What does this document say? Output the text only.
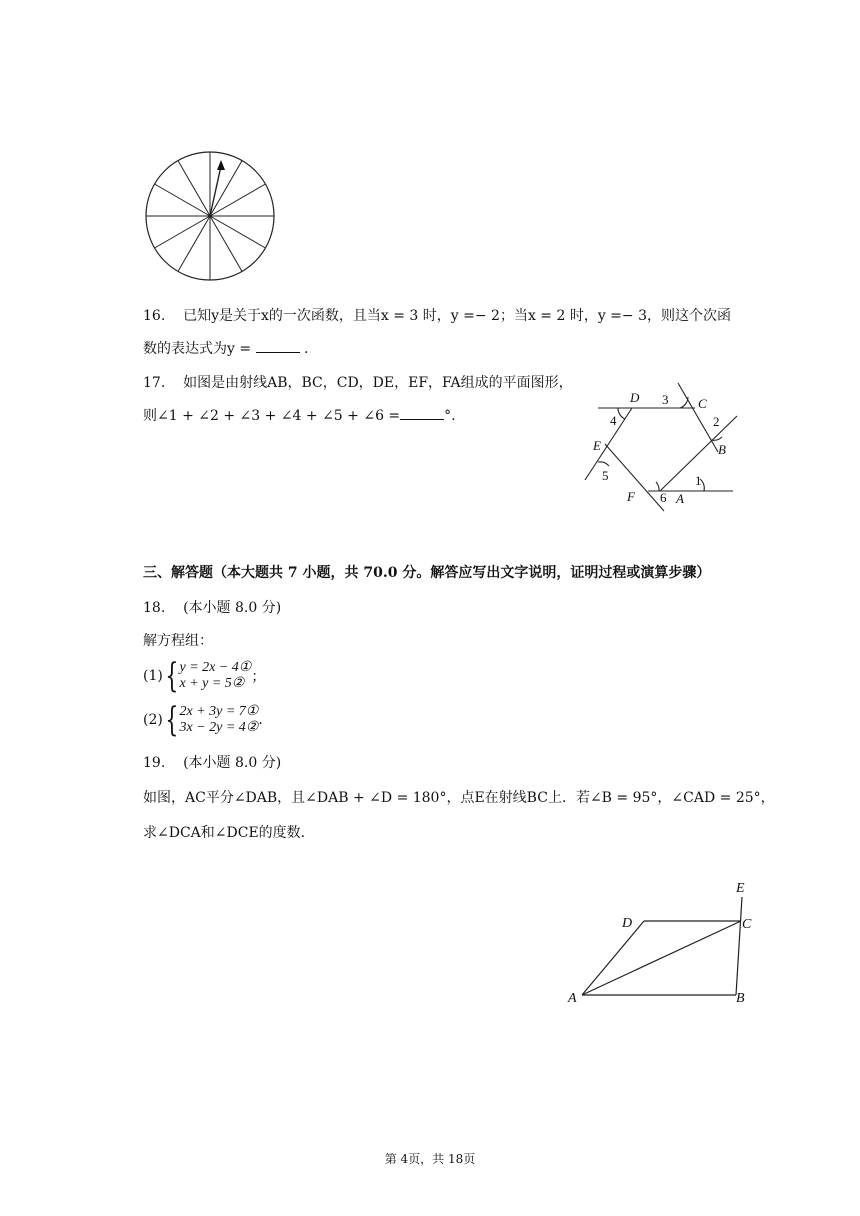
16. 已知y是关于x的一次函数，且当x = 3 时，y =− 2；当x = 2 时，y =− 3，则这个次函
数的表达式为y =	.
17. 如图是由射线AB，BC，CD，DE，EF，FA组成的平面图形，
则∠1 + ∠2 + ∠3 + ∠4 + ∠5 + ∠6 =	°.
D 3 C
4	2
B
E
5	1
F 6 A
三、解答题（本大题共 7 小题，共 70.0 分。解答应写出文字说明，证明过程或演算步骤）
18. (本小题 8.0 分)
解方程组：
(1) { y = 2x − 4①
x + y = 5② ；
(2) { 2x + 3y = 7①
3x − 2y = 4② .
19. (本小题 8.0 分)
如图，AC平分∠DAB，且∠DAB + ∠D = 180°，点E在射线BC上．若∠B = 95°，∠CAD = 25°，
求∠DCA和∠DCE的度数．
E
D	C
A	B
第 4页，共 18页
